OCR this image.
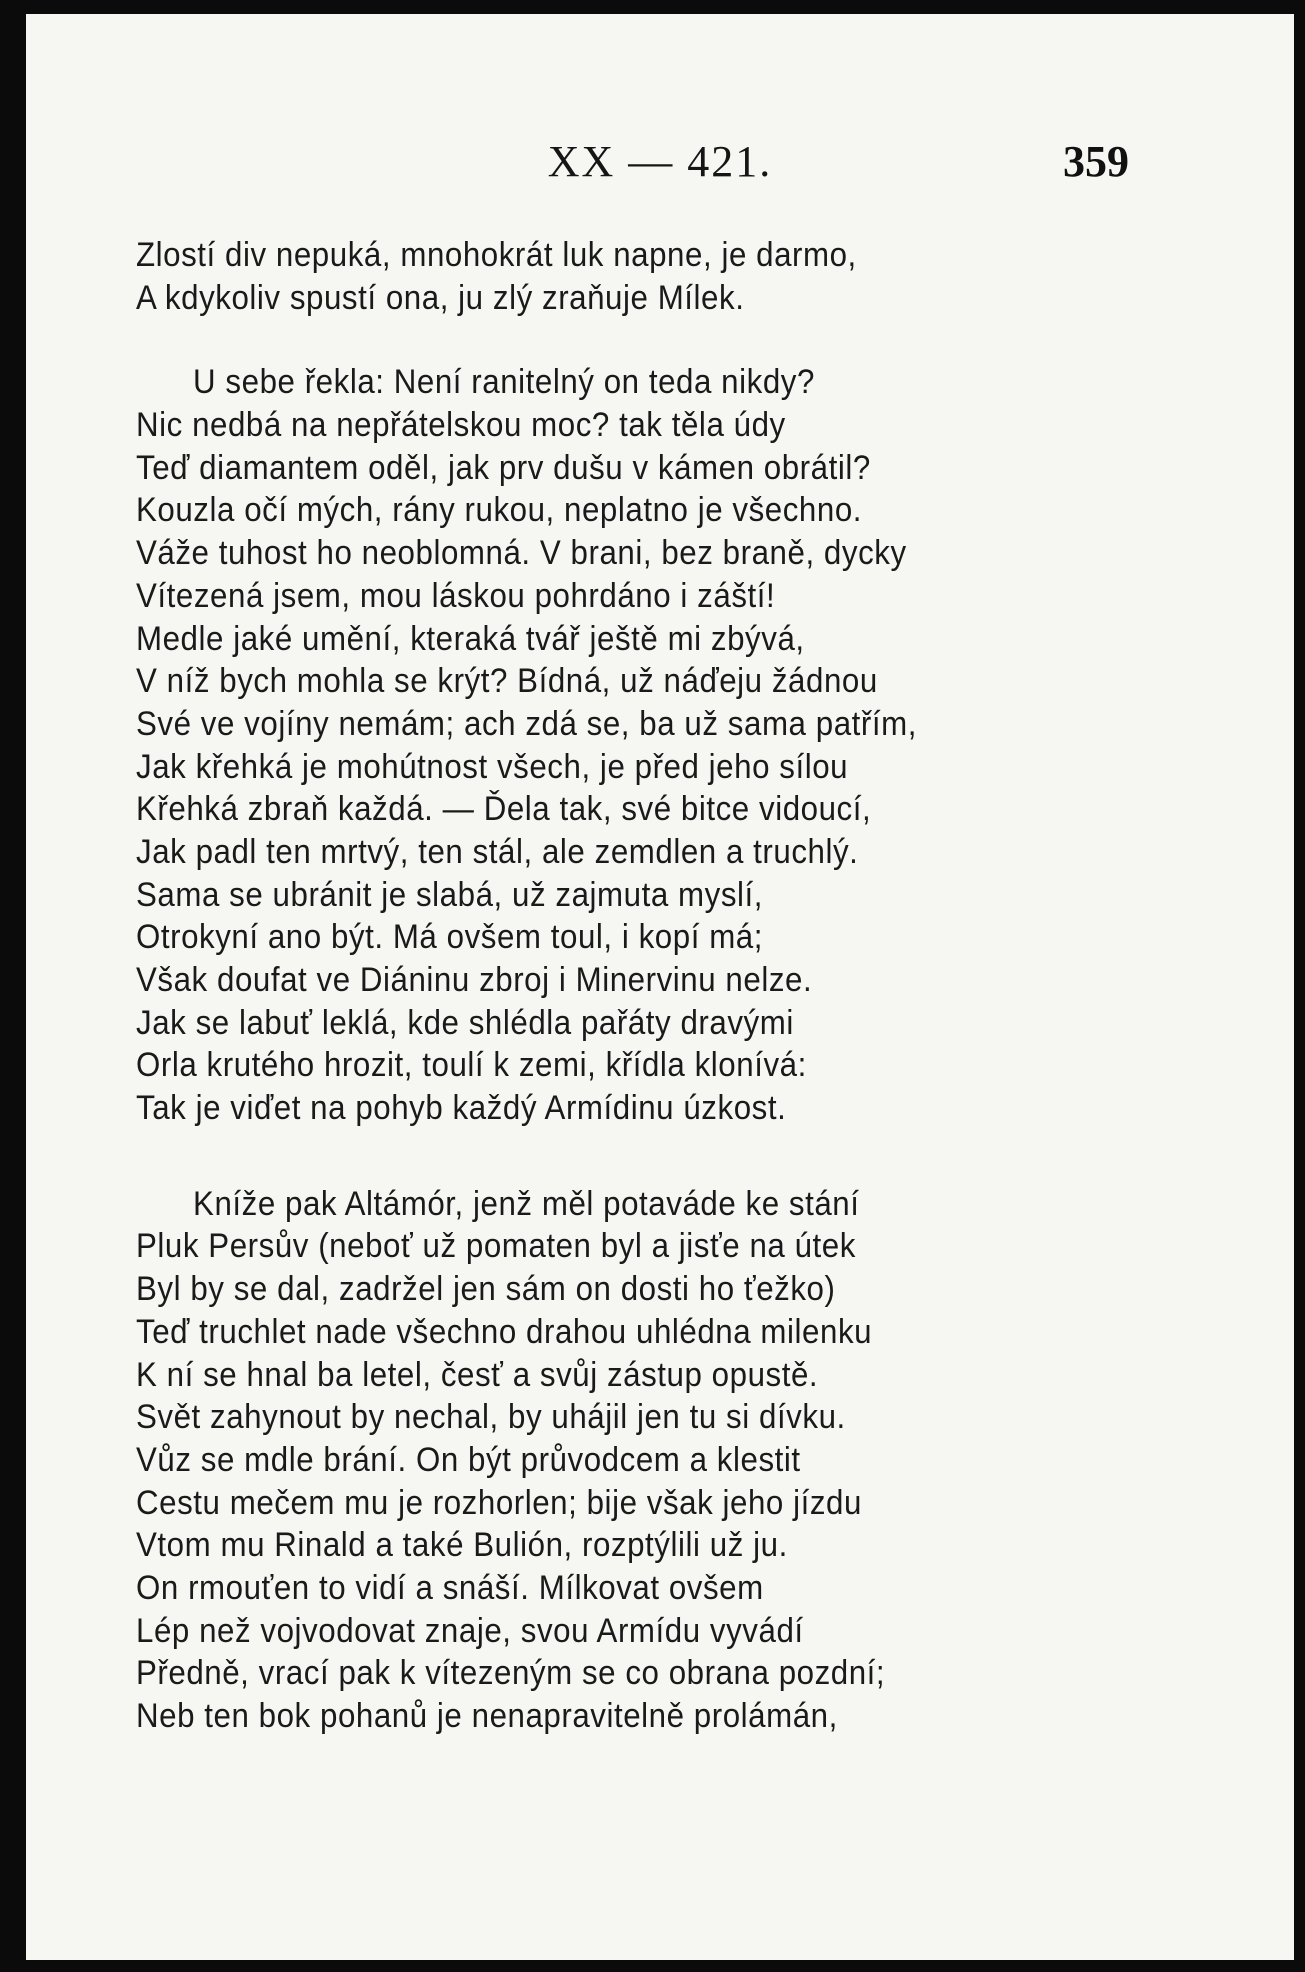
XX — 421.	359
Zlostí div nepuká, mnohokrát luk napne, je darmo,
A kdykoliv spustí ona, ju zlý zraňuje Mílek.
U sebe řekla: Není ranitelný on teda nikdy?
Nic nedbá na nepřátelskou moc? tak těla údy
Teď diamantem oděl, jak prv dušu v kámen obrátil?
Kouzla očí mých, rány rukou, neplatno je všechno.
Váže tuhost ho neoblomná. V brani, bez braně, dycky
Vítezená jsem, mou láskou pohrdáno i záští!
Medle jaké umění, kteraká tvář ještě mi zbývá,
V níž bych mohla se krýt? Bídná, už náďeju žádnou
Své ve vojíny nemám; ach zdá se, ba už sama patřím,
Jak křehká je mohútnost všech, je před jeho sílou
Křehká zbraň každá. — Ďela tak, své bitce vidoucí,
Jak padl ten mrtvý, ten stál, ale zemdlen a truchlý.
Sama se ubránit je slabá, už zajmuta myslí,
Otrokyní ano být. Má ovšem toul, i kopí má;
Však doufat ve Diáninu zbroj i Minervinu nelze.
Jak se labuť leklá, kde shlédla pařáty dravými
Orla krutého hrozit, toulí k zemi, křídla klonívá:
Tak je viďet na pohyb každý Armídinu úzkost.
Kníže pak Altámór, jenž měl potaváde ke stání
Pluk Persův (neboť už pomaten byl a jisťe na útek
Byl by se dal, zadržel jen sám on dosti ho ťežko)
Teď truchlet nade všechno drahou uhlédna milenku
K ní se hnal ba letel, česť a svůj zástup opustě.
Svět zahynout by nechal, by uhájil jen tu si dívku.
Vůz se mdle brání. On být průvodcem a klestit
Cestu mečem mu je rozhorlen; bije však jeho jízdu
Vtom mu Rinald a také Bulión, rozptýlili už ju.
On rmouťen to vidí a snáší. Mílkovat ovšem
Lép než vojvodovat znaje, svou Armídu vyvádí
Předně, vrací pak k vítezeným se co obrana pozdní;
Neb ten bok pohanů je nenapravitelně prolámán,
